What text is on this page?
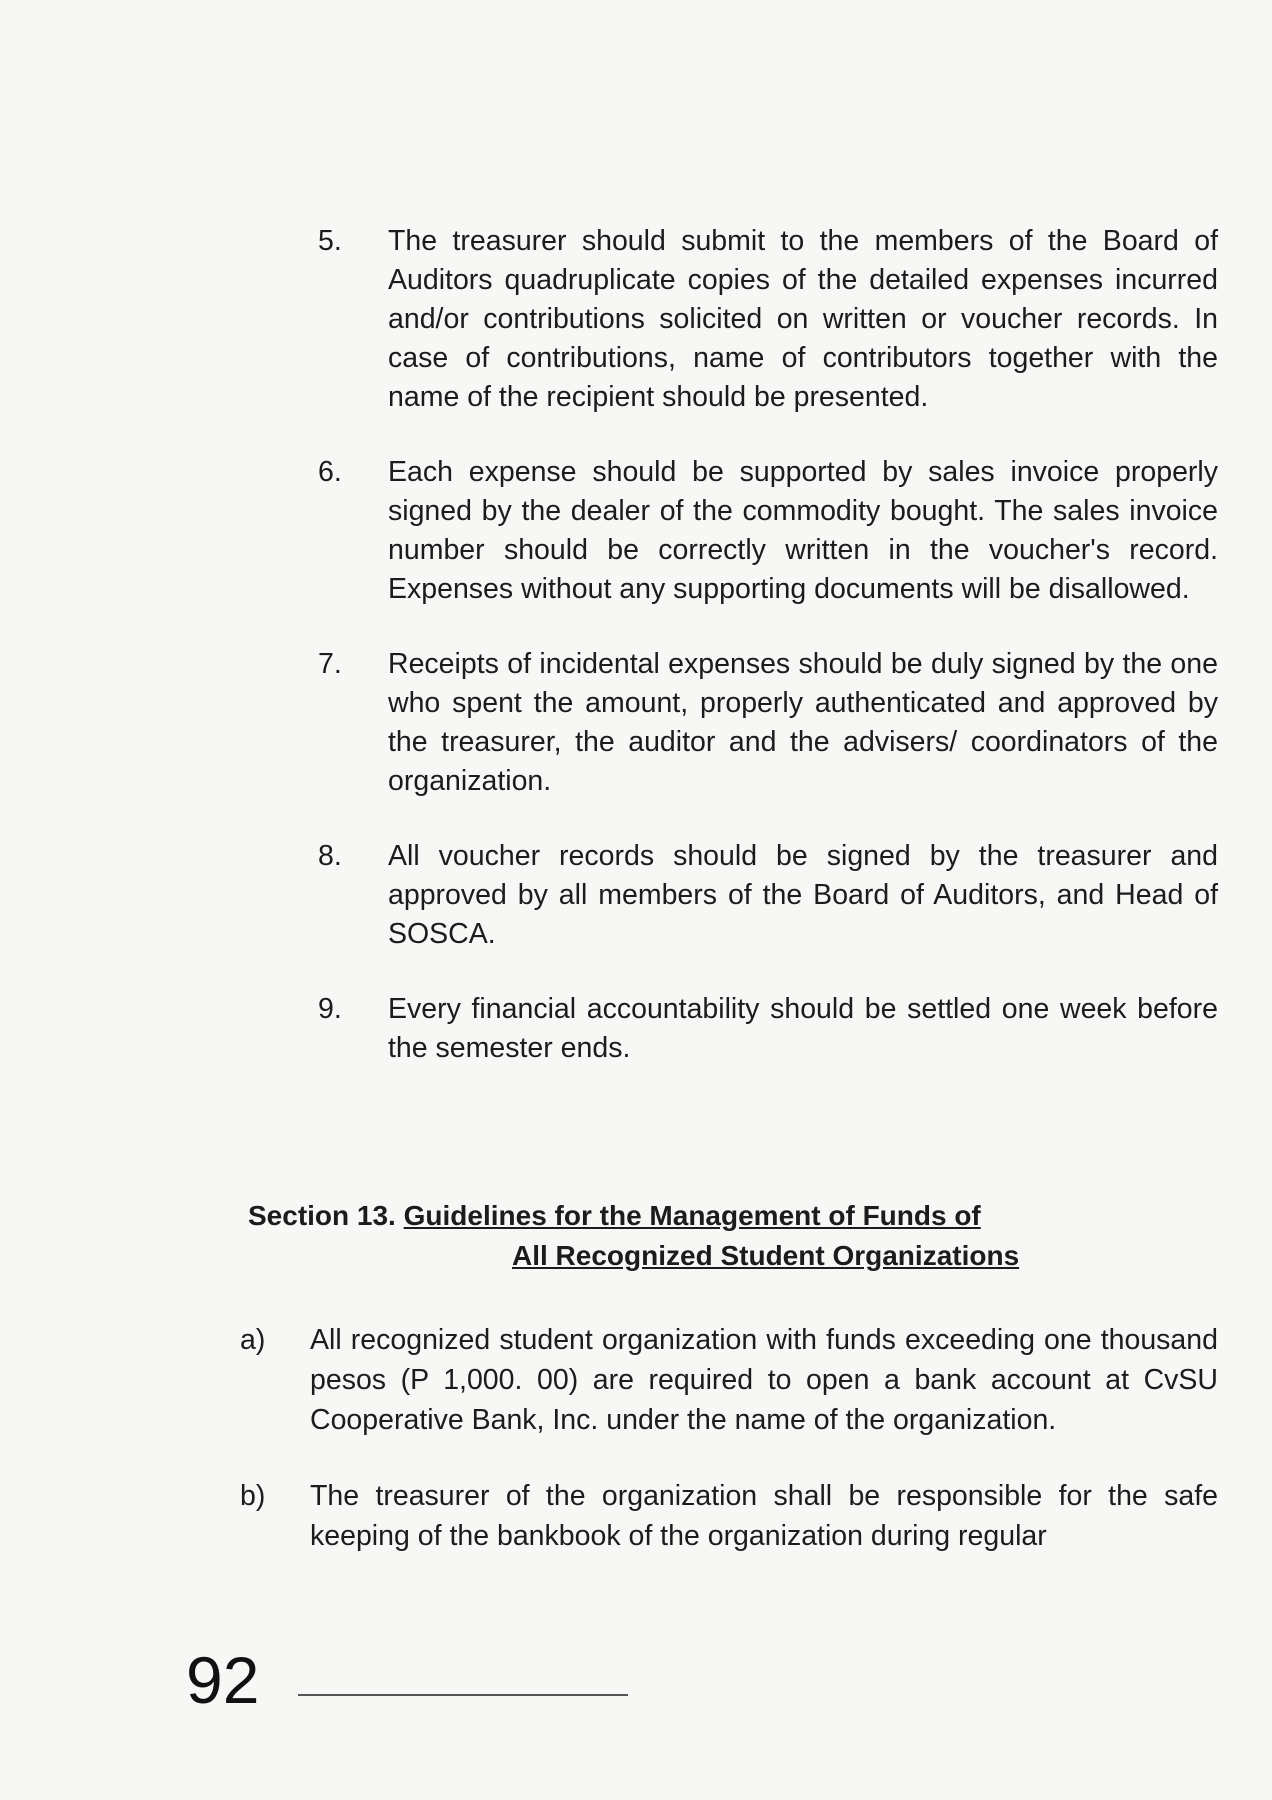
5.	The treasurer should submit to the members of the Board of Auditors quadruplicate copies of the detailed expenses incurred and/or contributions solicited on written or voucher records. In case of contributions, name of contributors together with the name of the recipient should be presented.
6.	Each expense should be supported by sales invoice properly signed by the dealer of the commodity bought. The sales invoice number should be correctly written in the voucher's record. Expenses without any supporting documents will be disallowed.
7.	Receipts of incidental expenses should be duly signed by the one who spent the amount, properly authenticated and approved by the treasurer, the auditor and the advisers/ coordinators of the organization.
8.	All voucher records should be signed by the treasurer and approved by all members of the Board of Auditors, and Head of SOSCA.
9.	Every financial accountability should be settled one week before the semester ends.
Section 13. Guidelines for the Management of Funds of
All Recognized Student Organizations
a) All recognized student organization with funds exceeding one thousand pesos (P 1,000. 00) are required to open a bank account at CvSU Cooperative Bank, Inc. under the name of the organization.
b) The treasurer of the organization shall be responsible for the safe keeping of the bankbook of the organization during regular
92
